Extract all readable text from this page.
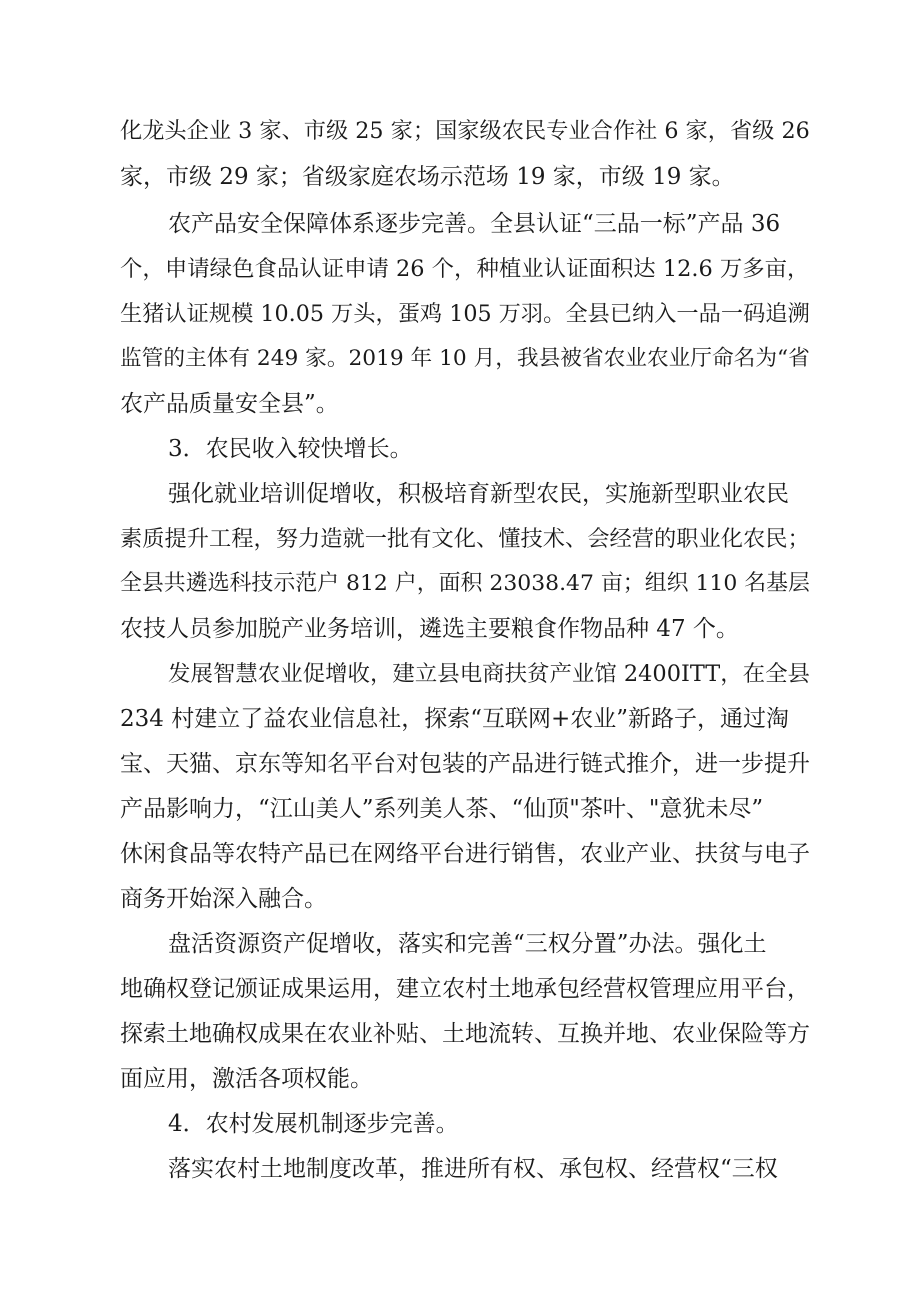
化龙头企业 3 家、市级 25 家；国家级农民专业合作社 6 家，省级 26
家，市级 29 家；省级家庭农场示范场 19 家，市级 19 家。
农产品安全保障体系逐步完善。全县认证“三品一标”产品 36
个，申请绿色食品认证申请 26 个，种植业认证面积达 12.6 万多亩，
生猪认证规模 10.05 万头，蛋鸡 105 万羽。全县已纳入一品一码追溯
监管的主体有 249 家。2019 年 10 月，我县被省农业农业厅命名为“省
农产品质量安全县”。
3．农民收入较快增长。
强化就业培训促增收，积极培育新型农民，实施新型职业农民
素质提升工程，努力造就一批有文化、懂技术、会经营的职业化农民；
全县共遴选科技示范户 812 户，面积 23038.47 亩；组织 110 名基层
农技人员参加脱产业务培训，遴选主要粮食作物品种 47 个。
发展智慧农业促增收，建立县电商扶贫产业馆 2400ITT，在全县
234 村建立了益农业信息社，探索“互联网+农业”新路子，通过淘
宝、天猫、京东等知名平台对包装的产品进行链式推介，进一步提升
产品影响力，“江山美人”系列美人茶、“仙顶"茶叶、"意犹未尽”
休闲食品等农特产品已在网络平台进行销售，农业产业、扶贫与电子
商务开始深入融合。
盘活资源资产促增收，落实和完善“三权分置”办法。强化土
地确权登记颁证成果运用，建立农村土地承包经营权管理应用平台，
探索土地确权成果在农业补贴、土地流转、互换并地、农业保险等方
面应用，激活各项权能。
4．农村发展机制逐步完善。
落实农村土地制度改革，推进所有权、承包权、经营权“三权
